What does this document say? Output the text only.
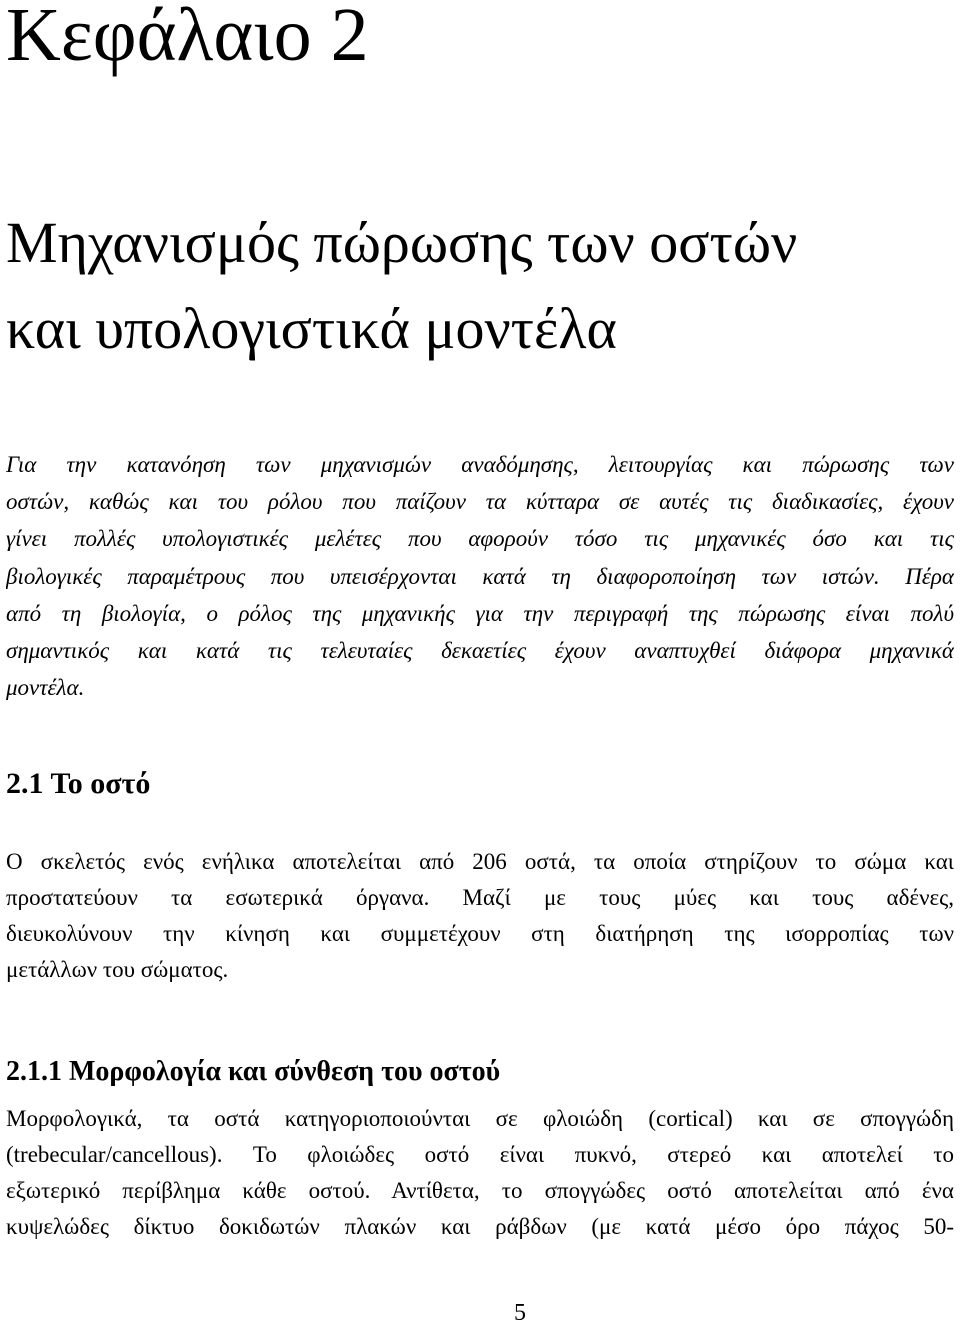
Κεφάλαιο 2
Μηχανισμός πώρωσης των οστών
και υπολογιστικά μοντέλα

Για την κατανόηση των μηχανισμών αναδόμησης, λειτουργίας και πώρωσης των
οστών, καθώς και του ρόλου που παίζουν τα κύτταρα σε αυτές τις διαδικασίες, έχουν
γίνει πολλές υπολογιστικές μελέτες που αφορούν τόσο τις μηχανικές όσο και τις
βιολογικές παραμέτρους που υπεισέρχονται κατά τη διαφοροποίηση των ιστών. Πέρα
από τη βιολογία, ο ρόλος της μηχανικής για την περιγραφή της πώρωσης είναι πολύ
σημαντικός και κατά τις τελευταίες δεκαετίες έχουν αναπτυχθεί διάφορα μηχανικά
μοντέλα.

2.1 Το οστό

Ο σκελετός ενός ενήλικα αποτελείται από 206 οστά, τα οποία στηρίζουν το σώμα και
προστατεύουν τα εσωτερικά όργανα. Μαζί με τους μύες και τους αδένες,
διευκολύνουν την κίνηση και συμμετέχουν στη διατήρηση της ισορροπίας των
μετάλλων του σώματος.

2.1.1 Μορφολογία και σύνθεση του οστού

Μορφολογικά, τα οστά κατηγοριοποιούνται σε φλοιώδη (cortical) και σε σπογγώδη
(trebecular/cancellous). Το φλοιώδες οστό είναι πυκνό, στερεό και αποτελεί το
εξωτερικό περίβλημα κάθε οστού. Αντίθετα, το σπογγώδες οστό αποτελείται από ένα
κυψελώδες δίκτυο δοκιδωτών πλακών και ράβδων (με κατά μέσο όρο πάχος 50-

5
